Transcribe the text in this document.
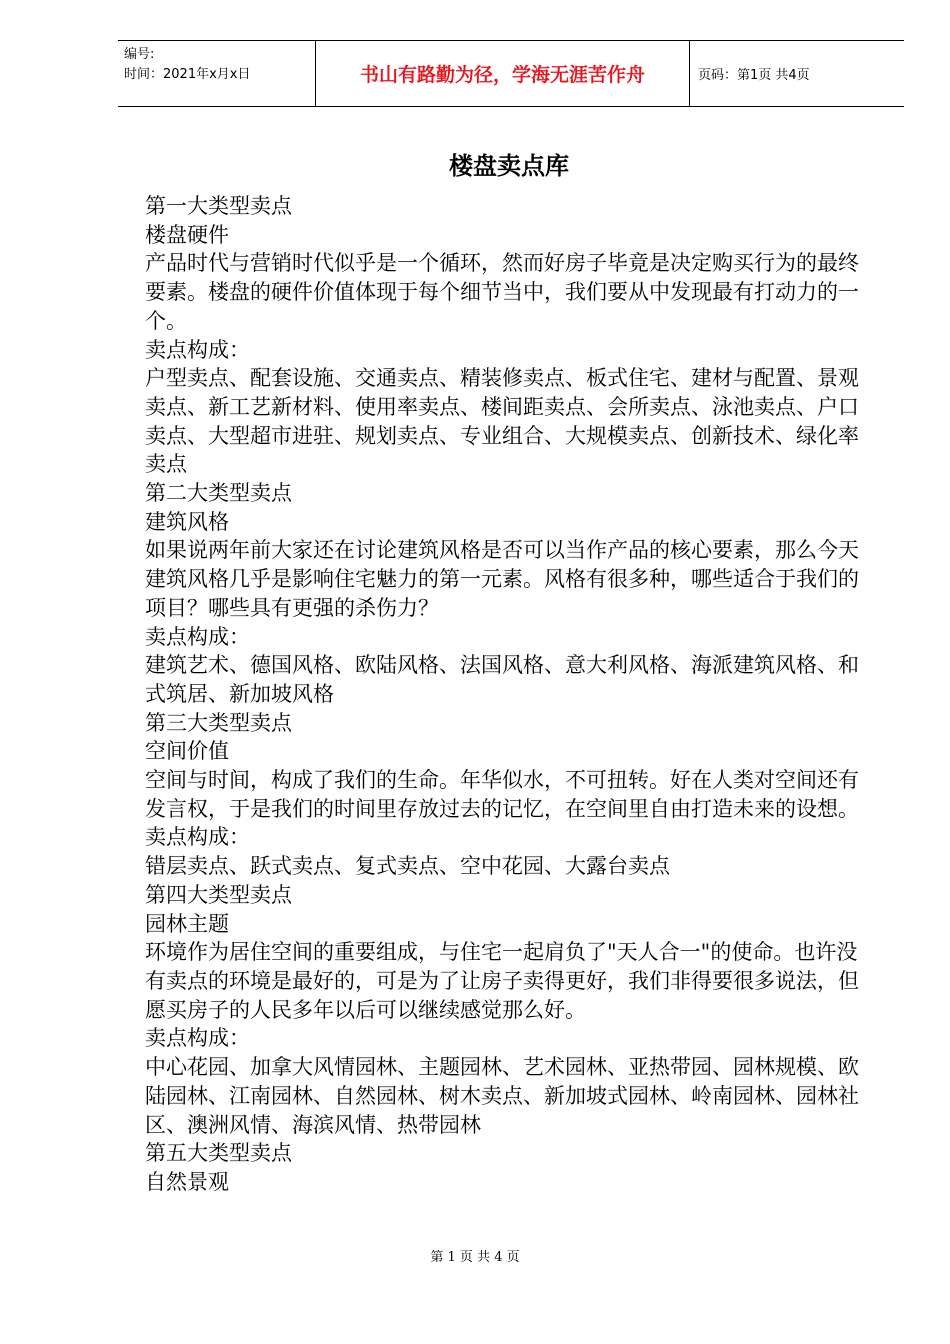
编号:
时间：2021年x月x日	书山有路勤为径，学海无涯苦作舟	页码：第1页 共4页
楼盘卖点库

第一大类型卖点

楼盘硬件

产品时代与营销时代似乎是一个循环，然而好房子毕竟是决定购买行为的最终要素。楼盘的硬件价值体现于每个细节当中，我们要从中发现最有打动力的一个。

卖点构成：

户型卖点、配套设施、交通卖点、精装修卖点、板式住宅、建材与配置、景观卖点、新工艺新材料、使用率卖点、楼间距卖点、会所卖点、泳池卖点、户口卖点、大型超市进驻、规划卖点、专业组合、大规模卖点、创新技术、绿化率卖点

第二大类型卖点

建筑风格

如果说两年前大家还在讨论建筑风格是否可以当作产品的核心要素，那么今天建筑风格几乎是影响住宅魅力的第一元素。风格有很多种，哪些适合于我们的项目？哪些具有更强的杀伤力？

卖点构成：

建筑艺术、德国风格、欧陆风格、法国风格、意大利风格、海派建筑风格、和式筑居、新加坡风格

第三大类型卖点

空间价值

空间与时间，构成了我们的生命。年华似水，不可扭转。好在人类对空间还有发言权，于是我们的时间里存放过去的记忆，在空间里自由打造未来的设想。

卖点构成：

错层卖点、跃式卖点、复式卖点、空中花园、大露台卖点

第四大类型卖点

园林主题

环境作为居住空间的重要组成，与住宅一起肩负了"天人合一"的使命。也许没有卖点的环境是最好的，可是为了让房子卖得更好，我们非得要很多说法，但愿买房子的人民多年以后可以继续感觉那么好。

卖点构成：

中心花园、加拿大风情园林、主题园林、艺术园林、亚热带园、园林规模、欧陆园林、江南园林、自然园林、树木卖点、新加坡式园林、岭南园林、园林社区、澳洲风情、海滨风情、热带园林

第五大类型卖点

自然景观

第 1 页 共 4 页
